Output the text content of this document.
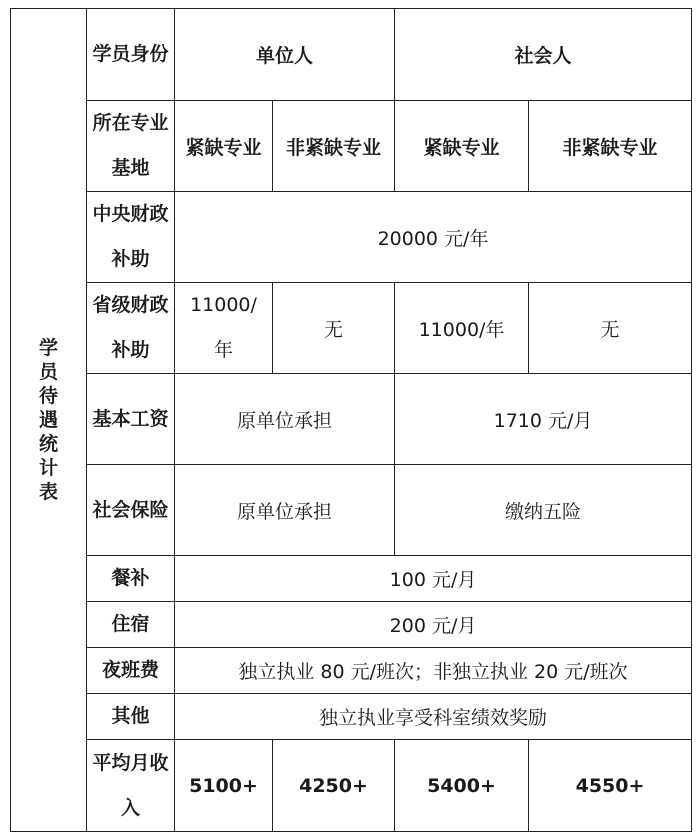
学员待遇统计表	学员身份	单位人		社会人	
	所在专业基地	紧缺专业	非紧缺专业	紧缺专业	非紧缺专业
	中央财政补助	20000 元/年			
	省级财政补助	11000/年	无	11000/年	无
	基本工资	原单位承担		1710 元/月	
	社会保险	原单位承担		缴纳五险	
	餐补	100 元/月			
	住宿	200 元/月			
	夜班费	独立执业 80 元/班次；非独立执业 20 元/班次			
	其他	独立执业享受科室绩效奖励			
	平均月收入	5100+	4250+	5400+	4550+
